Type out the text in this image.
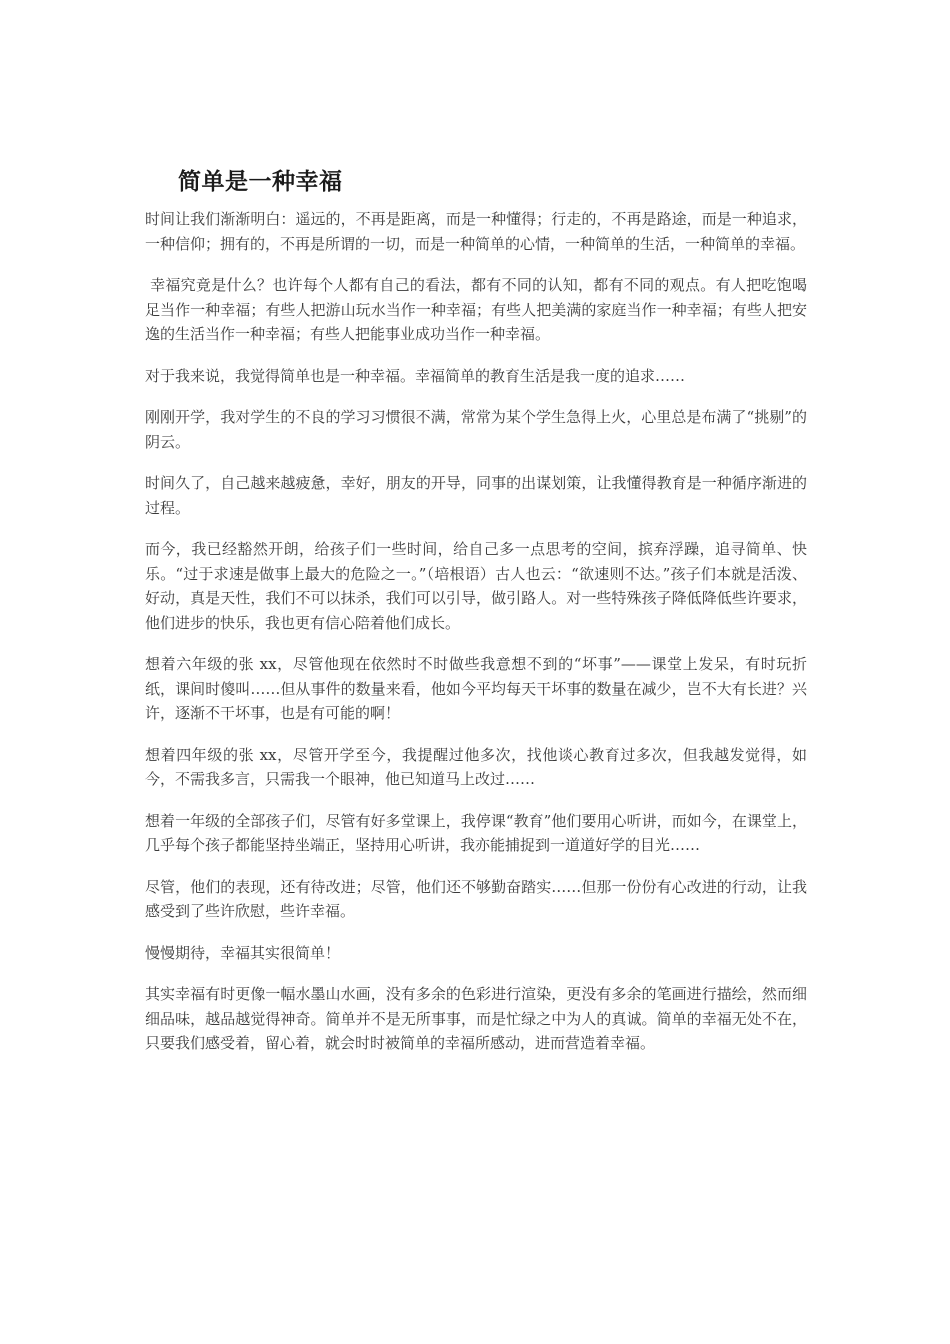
简单是一种幸福

时间让我们渐渐明白：遥远的，不再是距离，而是一种懂得；行走的，不再是路途，而是一种追求，一种信仰；拥有的，不再是所谓的一切，而是一种简单的心情，一种简单的生活，一种简单的幸福。

幸福究竟是什么？也许每个人都有自己的看法，都有不同的认知，都有不同的观点。有人把吃饱喝足当作一种幸福；有些人把游山玩水当作一种幸福；有些人把美满的家庭当作一种幸福；有些人把安逸的生活当作一种幸福；有些人把能事业成功当作一种幸福。

对于我来说，我觉得简单也是一种幸福。幸福简单的教育生活是我一度的追求……

刚刚开学，我对学生的不良的学习习惯很不满，常常为某个学生急得上火，心里总是布满了“挑剔”的阴云。

时间久了，自己越来越疲惫，幸好，朋友的开导，同事的出谋划策，让我懂得教育是一种循序渐进的过程。

而今，我已经豁然开朗，给孩子们一些时间，给自己多一点思考的空间，摈弃浮躁，追寻简单、快乐。“过于求速是做事上最大的危险之一。”（培根语）古人也云：“欲速则不达。”孩子们本就是活泼、好动，真是天性，我们不可以抹杀，我们可以引导，做引路人。对一些特殊孩子降低降低些许要求，他们进步的快乐，我也更有信心陪着他们成长。

想着六年级的张 xx，尽管他现在依然时不时做些我意想不到的“坏事”——课堂上发呆，有时玩折纸，课间时傻叫……但从事件的数量来看，他如今平均每天干坏事的数量在减少，岂不大有长进？兴许，逐渐不干坏事，也是有可能的啊！

想着四年级的张 xx，尽管开学至今，我提醒过他多次，找他谈心教育过多次，但我越发觉得，如今，不需我多言，只需我一个眼神，他已知道马上改过……

想着一年级的全部孩子们，尽管有好多堂课上，我停课“教育”他们要用心听讲，而如今，在课堂上，几乎每个孩子都能坚持坐端正，坚持用心听讲，我亦能捕捉到一道道好学的目光……

尽管，他们的表现，还有待改进；尽管，他们还不够勤奋踏实……但那一份份有心改进的行动，让我感受到了些许欣慰，些许幸福。

慢慢期待，幸福其实很简单！

其实幸福有时更像一幅水墨山水画，没有多余的色彩进行渲染，更没有多余的笔画进行描绘，然而细细品味，越品越觉得神奇。简单并不是无所事事，而是忙绿之中为人的真诚。简单的幸福无处不在，只要我们感受着，留心着，就会时时被简单的幸福所感动，进而营造着幸福。
